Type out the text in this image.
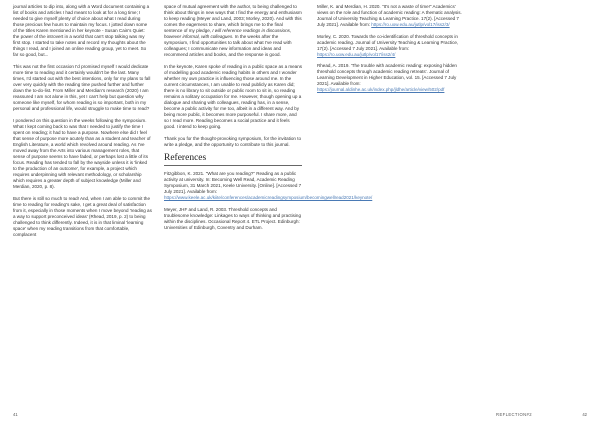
journal articles to dip into, along with a Word document containing a list of books and articles I had meant to look at for a long time; I needed to give myself plenty of choice about what I read during those precious few hours to maintain my focus. I jotted down some of the titles Karen mentioned in her keynote - Susan Cain's Quiet: the power of the introvert in a world that can't stop talking was my first stop. I started to take notes and record my thoughts about the things I read, and I joined an online reading group, yet to meet. So far so good, but...

This was not the first occasion I'd promised myself I would dedicate more time to reading and it certainly wouldn't be the last. Many times, I'd started out with the best intentions, only for my plans to fall over very quickly with the reading time pushed further and further down the to-do-list. From Miller and Merdian's research (2020) I am reassured I am not alone in this, yet I can't help but question why someone like myself, for whom reading is so important, both in my personal and professional life, would struggle to make time to read?

I pondered on this question in the weeks following the symposium. What I kept coming back to was that I needed to justify the time I spent on reading; it had to have a purpose. Nowhere else did I feel that sense of purpose more acutely than as a student and teacher of English Literature, a world which revolved around reading. As I've moved away from the Arts into various management roles, that sense of purpose seems to have faded, or perhaps lost a little of its focus. Reading has tended to fall by the wayside unless it is 'linked to the production of an outcome', for example, a project which requires underpinning with relevant methodology, or scholarship which requires a greater depth of subject knowledge (Miller and Merdian, 2020, p. 8).

But there is still so much to read! And, when I am able to commit the time to reading for reading's sake, I get a great deal of satisfaction from it, especially in those moments when I move beyond 'reading as a way to support preconceived ideas' (Rhead, 2019, p. 2) to being challenged to think differently. Indeed, it is in that liminal 'learning space' when my reading transitions from that comfortable, complacent

space of mutual agreement with the author, to being challenged to think about things in new ways that I find the energy and enthusiasm to keep reading (Meyer and Land, 2003; Morley, 2020). And with this comes the eagerness to share, which brings me to the final sentence of my pledge, I will reference readings in discussions, however informal, with colleagues. In the weeks after the symposium, I find opportunities to talk about what I've read with colleagues; I communicate new information and ideas and recommend articles and books, and the response is good.

In the keynote, Karen spoke of reading in a public space as a means of modelling good academic reading habits in others and I wonder whether my own practice is influencing those around me. In the current circumstances, I am unable to read publicly as Karen did; there is no library to sit outside or public room to sit in, so reading remains a solitary occupation for me. However, though opening up a dialogue and sharing with colleagues, reading has, in a sense, become a public activity for me too, albeit in a different way. And by being more public, it becomes more purposeful. I share more, and so I read more. Reading becomes a social practice and it feels good. I intend to keep going.

Thank you for the thought-provoking symposium, for the invitation to write a pledge, and the opportunity to contribute to this journal.

References

Fitzgibbon, K. 2021. "What are you reading?" Reading as a public activity at university. In: Becoming Well Read, Academic Reading Symposium, 31 March 2021, Keele University. [Online]. [Accessed 7 July 2021]. Available from: https://www.keele.ac.uk/kiite/conferences/academicreadingsymposium/becomingwellread2021/keynote/

Meyer, JHF and Land, R. 2003. Threshold concepts and troublesome knowledge: Linkages to ways of thinking and practising within the disciplines. Occasional Report 4. ETL Project. Edinburgh: Universities of Edinburgh, Coventry and Durham.

Miller, K. and Merdian, H. 2020. "It's not a waste of time!" Academics' views on the role and function of academic reading: A thematic analysis. Journal of University Teaching & Learning Practice. 17(2). [Accessed 7 July 2021]. Available from: https://ro.uow.edu.au/jutlp/vol17/iss2/3/

Morley, C. 2020. Towards the co-identification of threshold concepts in academic reading. Journal of University Teaching & Learning Practice, 17(2). [Accessed 7 July 2021]. Available from: https://ro.uow.edu.au/jutlp/vol17/iss2/4/

Rhead, A. 2019. 'The trouble with academic reading: exposing hidden threshold concepts through academic reading retreats'. Journal of Learning Development in Higher Education, vol. 15. [Accessed 7 July 2021]. Available from: https://journal.aldinhe.ac.uk/index.php/jldhe/article/view/502/pdf

41	REFLECTION#2	42
